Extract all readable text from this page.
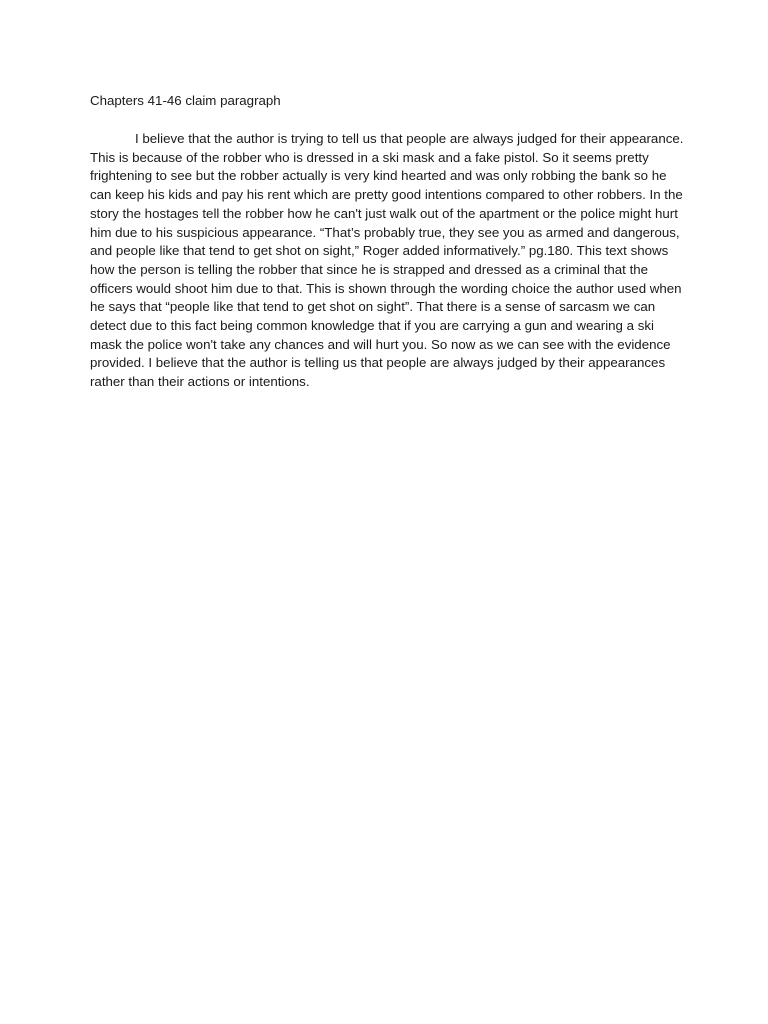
Chapters 41-46 claim paragraph

I believe that the author is trying to tell us that people are always judged for their appearance. This is because of the robber who is dressed in a ski mask and a fake pistol. So it seems pretty frightening to see but the robber actually is very kind hearted and was only robbing the bank so he can keep his kids and pay his rent which are pretty good intentions compared to other robbers. In the story the hostages tell the robber how he can't just walk out of the apartment or the police might hurt him due to his suspicious appearance. “That’s probably true, they see you as armed and dangerous, and people like that tend to get shot on sight,” Roger added informatively.” pg.180. This text shows how the person is telling the robber that since he is strapped and dressed as a criminal that the officers would shoot him due to that. This is shown through the wording choice the author used when he says that “people like that tend to get shot on sight”. That there is a sense of sarcasm we can detect due to this fact being common knowledge that if you are carrying a gun and wearing a ski mask the police won't take any chances and will hurt you. So now as we can see with the evidence provided. I believe that the author is telling us that people are always judged by their appearances rather than their actions or intentions.
